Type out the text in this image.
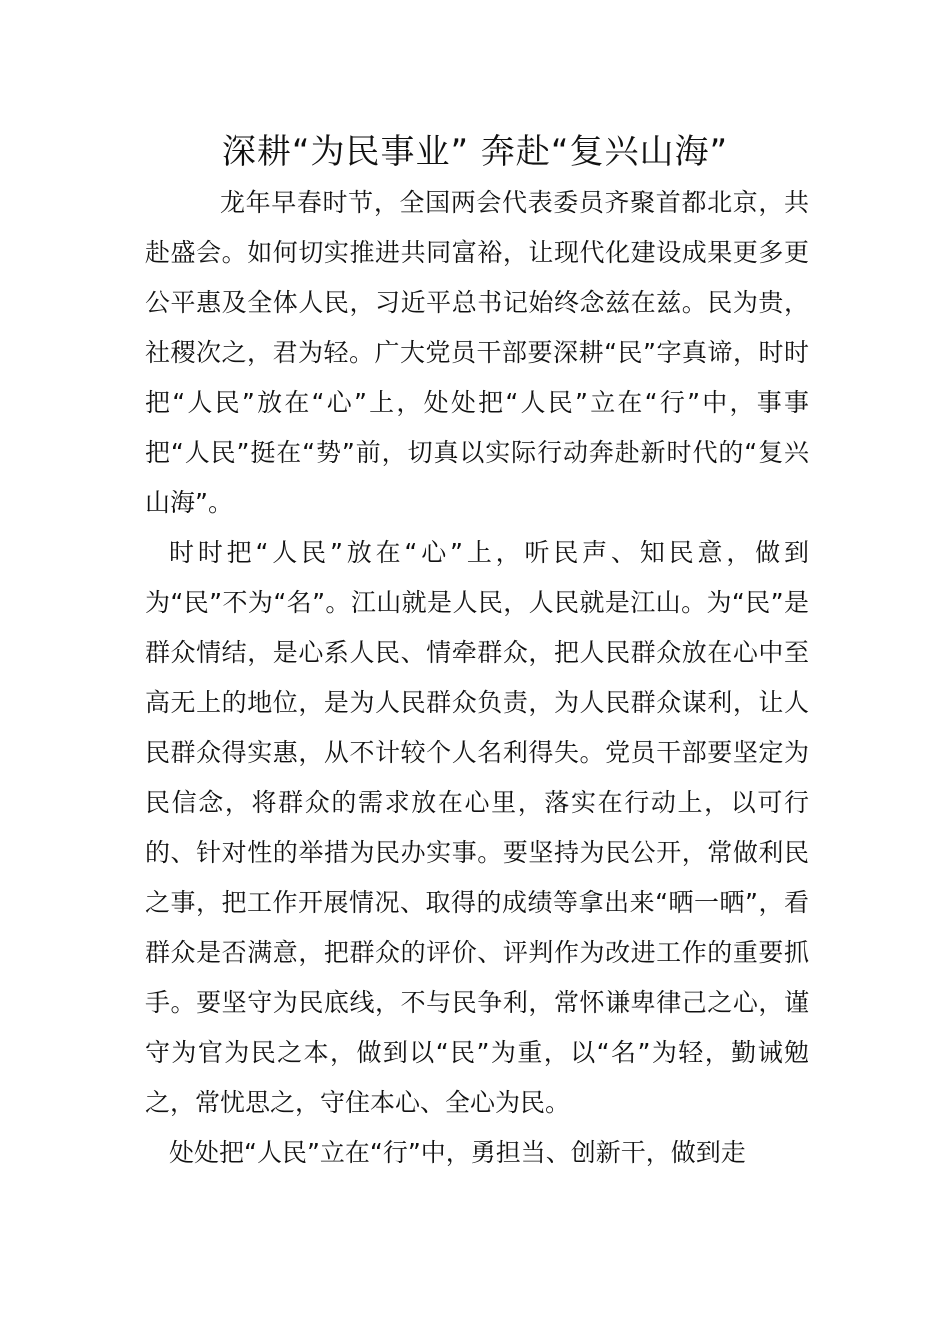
深耕“为民事业” 奔赴“复兴山海”

龙年早春时节，全国两会代表委员齐聚首都北京，共赴盛会。如何切实推进共同富裕，让现代化建设成果更多更公平惠及全体人民，习近平总书记始终念兹在兹。民为贵，社稷次之，君为轻。广大党员干部要深耕“民”字真谛，时时把“人民”放在“心”上，处处把“人民”立在“行”中，事事把“人民”挺在“势”前，切真以实际行动奔赴新时代的“复兴山海”。

时时把“人民”放在“心”上，听民声、知民意，做到为“民”不为“名”。江山就是人民，人民就是江山。为“民”是群众情结，是心系人民、情牵群众，把人民群众放在心中至高无上的地位，是为人民群众负责，为人民群众谋利，让人民群众得实惠，从不计较个人名利得失。党员干部要坚定为民信念，将群众的需求放在心里，落实在行动上，以可行的、针对性的举措为民办实事。要坚持为民公开，常做利民之事，把工作开展情况、取得的成绩等拿出来“晒一晒”，看群众是否满意，把群众的评价、评判作为改进工作的重要抓手。要坚守为民底线，不与民争利，常怀谦卑律己之心，谨守为官为民之本，做到以“民”为重，以“名”为轻，勤诫勉之，常忧思之，守住本心、全心为民。

处处把“人民”立在“行”中，勇担当、创新干，做到走
